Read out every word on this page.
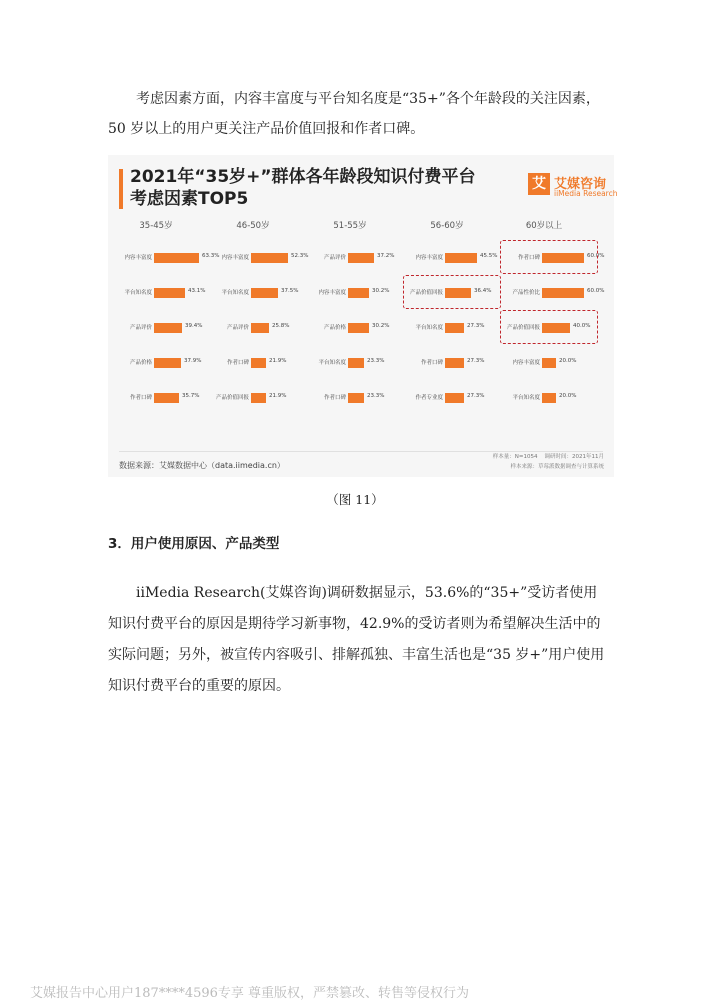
考虑因素方面，内容丰富度与平台知名度是“35+”各个年龄段的关注因素，50 岁以上的用户更关注产品价值回报和作者口碑。

2021年“35岁+”群体各年龄段知识付费平台考虑因素TOP5
艾 艾媒咨询
iiMedia Research
35-45岁
内容丰富度	63.3%
平台知名度	43.1%
产品评价	39.4%
产品价格	37.9%
作者口碑	35.7%
46-50岁
内容丰富度	52.3%
平台知名度	37.5%
产品评价	25.8%
作者口碑	21.9%
产品价值回报	21.9%
51-55岁
产品评价	37.2%
内容丰富度	30.2%
产品价格	30.2%
平台知名度	23.3%
作者口碑	23.3%
56-60岁
内容丰富度	45.5%
产品价值回报	36.4%
平台知名度	27.3%
作者口碑	27.3%
作者专业度	27.3%
60岁以上
作者口碑	60.0%
产品性价比	60.0%
产品价值回报	40.0%
内容丰富度	20.0%
平台知名度	20.0%
样本量：N=1054 调研时间：2021年11月
样本来源：草莓派数据调查与计算系统
数据来源：艾媒数据中心（data.iimedia.cn）
（图 11）
3．用户使用原因、产品类型

iiMedia Research(艾媒咨询)调研数据显示，53.6%的“35+”受访者使用知识付费平台的原因是期待学习新事物，42.9%的受访者则为希望解决生活中的实际问题；另外，被宣传内容吸引、排解孤独、丰富生活也是“35 岁+”用户使用知识付费平台的重要的原因。

艾媒报告中心用户187****4596专享 尊重版权，严禁篡改、转售等侵权行为
